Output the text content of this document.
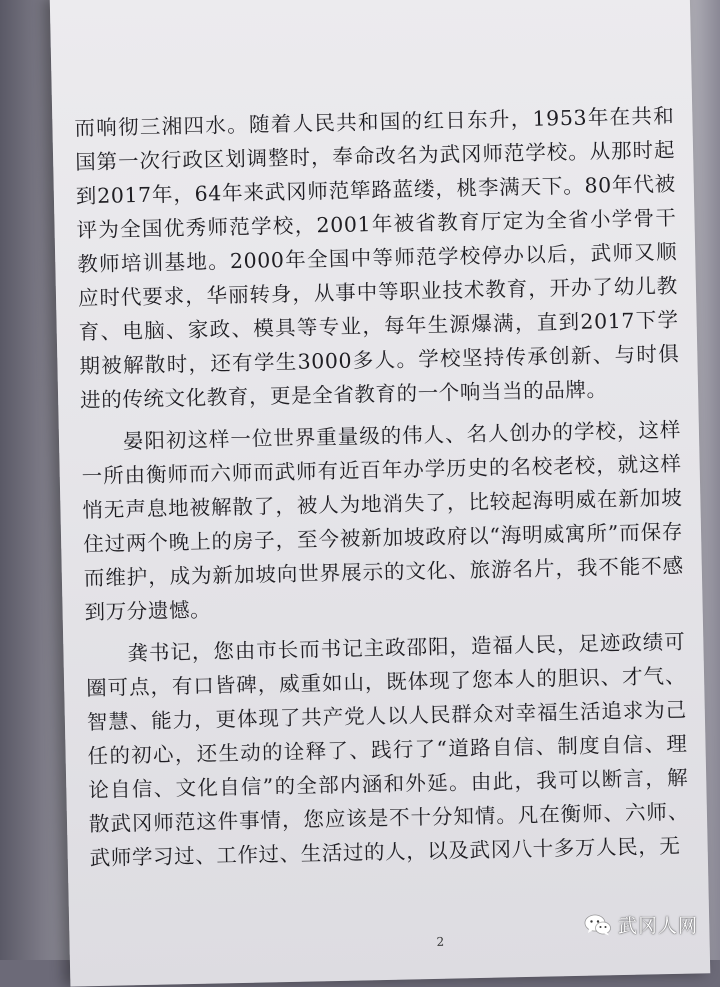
而响彻三湘四水。随着人民共和国的红日东升，1953年在共和国第一次行政区划调整时，奉命改名为武冈师范学校。从那时起到2017年，64年来武冈师范筚路蓝缕，桃李满天下。80年代被评为全国优秀师范学校，2001年被省教育厅定为全省小学骨干教师培训基地。2000年全国中等师范学校停办以后，武师又顺应时代要求，华丽转身，从事中等职业技术教育，开办了幼儿教育、电脑、家政、模具等专业，每年生源爆满，直到2017下学期被解散时，还有学生3000多人。学校坚持传承创新、与时俱进的传统文化教育，更是全省教育的一个响当当的品牌。

晏阳初这样一位世界重量级的伟人、名人创办的学校，这样一所由衡师而六师而武师有近百年办学历史的名校老校，就这样悄无声息地被解散了，被人为地消失了，比较起海明威在新加坡住过两个晚上的房子，至今被新加坡政府以“海明威寓所”而保存而维护，成为新加坡向世界展示的文化、旅游名片，我不能不感到万分遗憾。

龚书记，您由市长而书记主政邵阳，造福人民，足迹政绩可圈可点，有口皆碑，威重如山，既体现了您本人的胆识、才气、智慧、能力，更体现了共产党人以人民群众对幸福生活追求为己任的初心，还生动的诠释了、践行了“道路自信、制度自信、理论自信、文化自信”的全部内涵和外延。由此，我可以断言，解散武冈师范这件事情，您应该是不十分知情。凡在衡师、六师、武师学习过、工作过、生活过的人，以及武冈八十多万人民，无

2
武冈人网
